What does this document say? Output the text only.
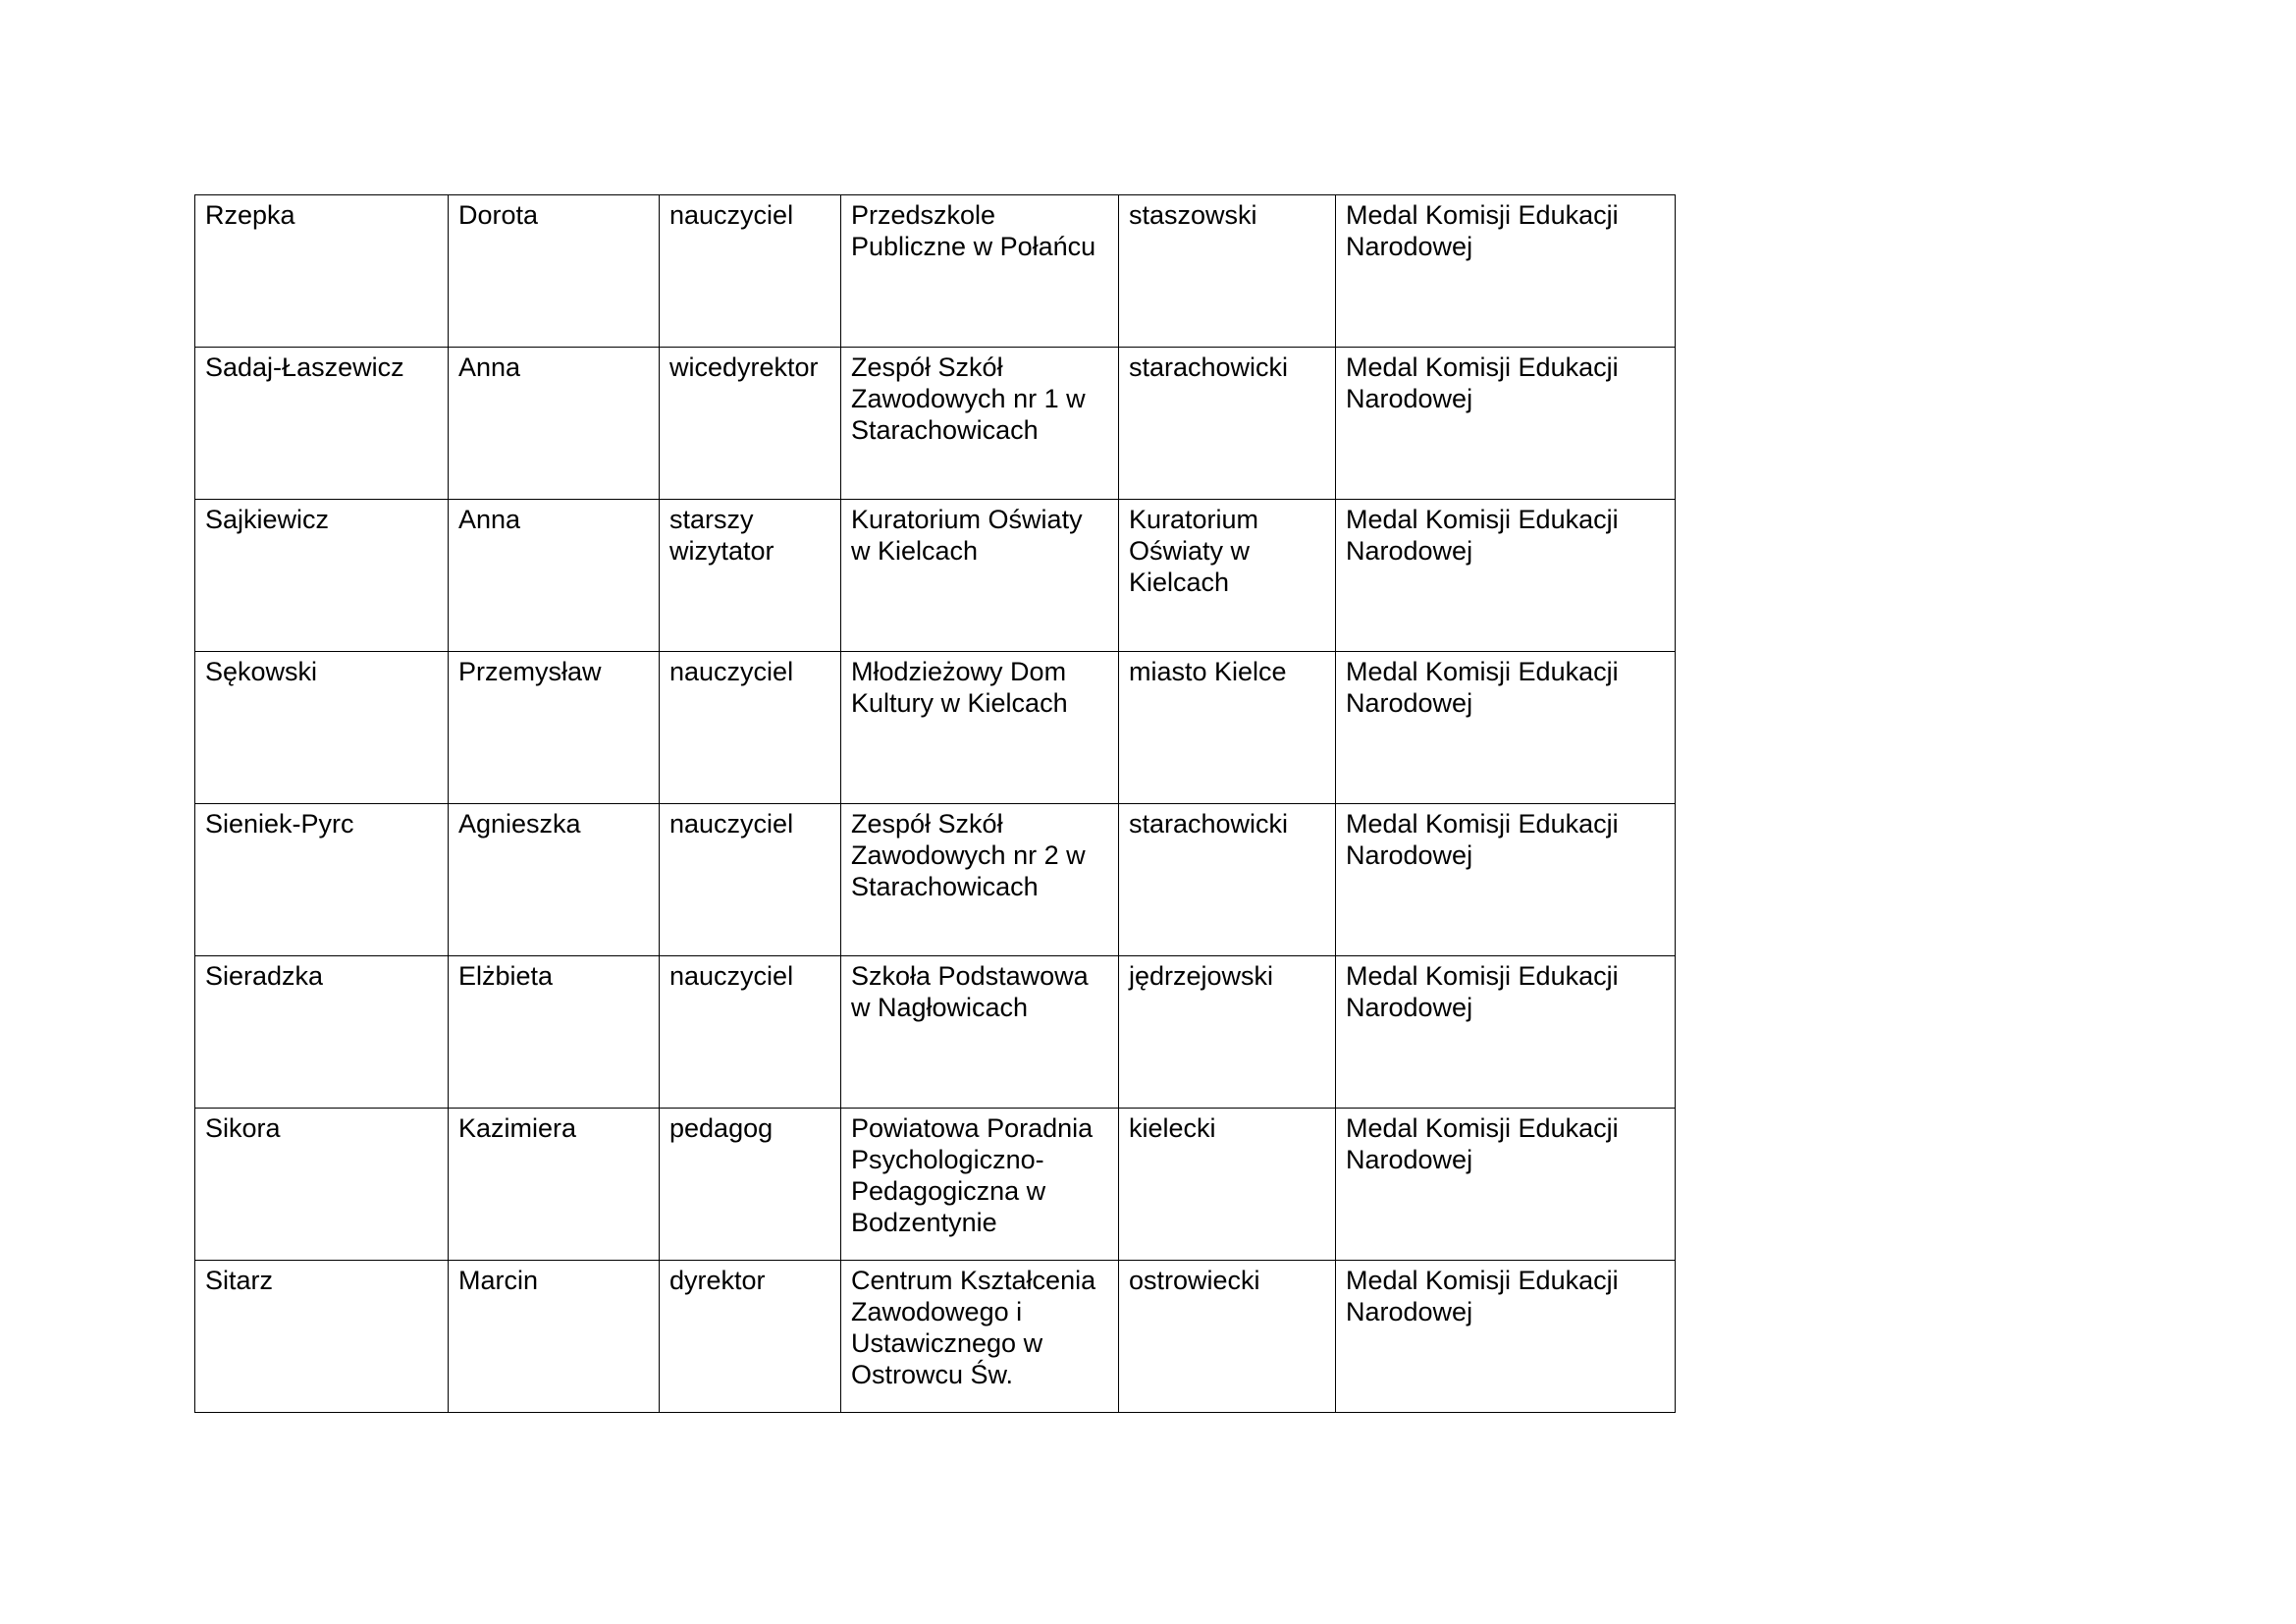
Rzepka	Dorota	nauczyciel	Przedszkole Publiczne w Połańcu	staszowski	Medal Komisji Edukacji Narodowej
Sadaj-Łaszewicz	Anna	wicedyrektor	Zespół Szkół Zawodowych nr 1 w Starachowicach	starachowicki	Medal Komisji Edukacji Narodowej
Sajkiewicz	Anna	starszy wizytator	Kuratorium Oświaty w Kielcach	Kuratorium Oświaty w Kielcach	Medal Komisji Edukacji Narodowej
Sękowski	Przemysław	nauczyciel	Młodzieżowy Dom Kultury w Kielcach	miasto Kielce	Medal Komisji Edukacji Narodowej
Sieniek-Pyrc	Agnieszka	nauczyciel	Zespół Szkół Zawodowych nr 2 w Starachowicach	starachowicki	Medal Komisji Edukacji Narodowej
Sieradzka	Elżbieta	nauczyciel	Szkoła Podstawowa w Nagłowicach	jędrzejowski	Medal Komisji Edukacji Narodowej
Sikora	Kazimiera	pedagog	Powiatowa Poradnia Psychologiczno-Pedagogiczna w Bodzentynie	kielecki	Medal Komisji Edukacji Narodowej
Sitarz	Marcin	dyrektor	Centrum Kształcenia Zawodowego i Ustawicznego w Ostrowcu Św.	ostrowiecki	Medal Komisji Edukacji Narodowej
